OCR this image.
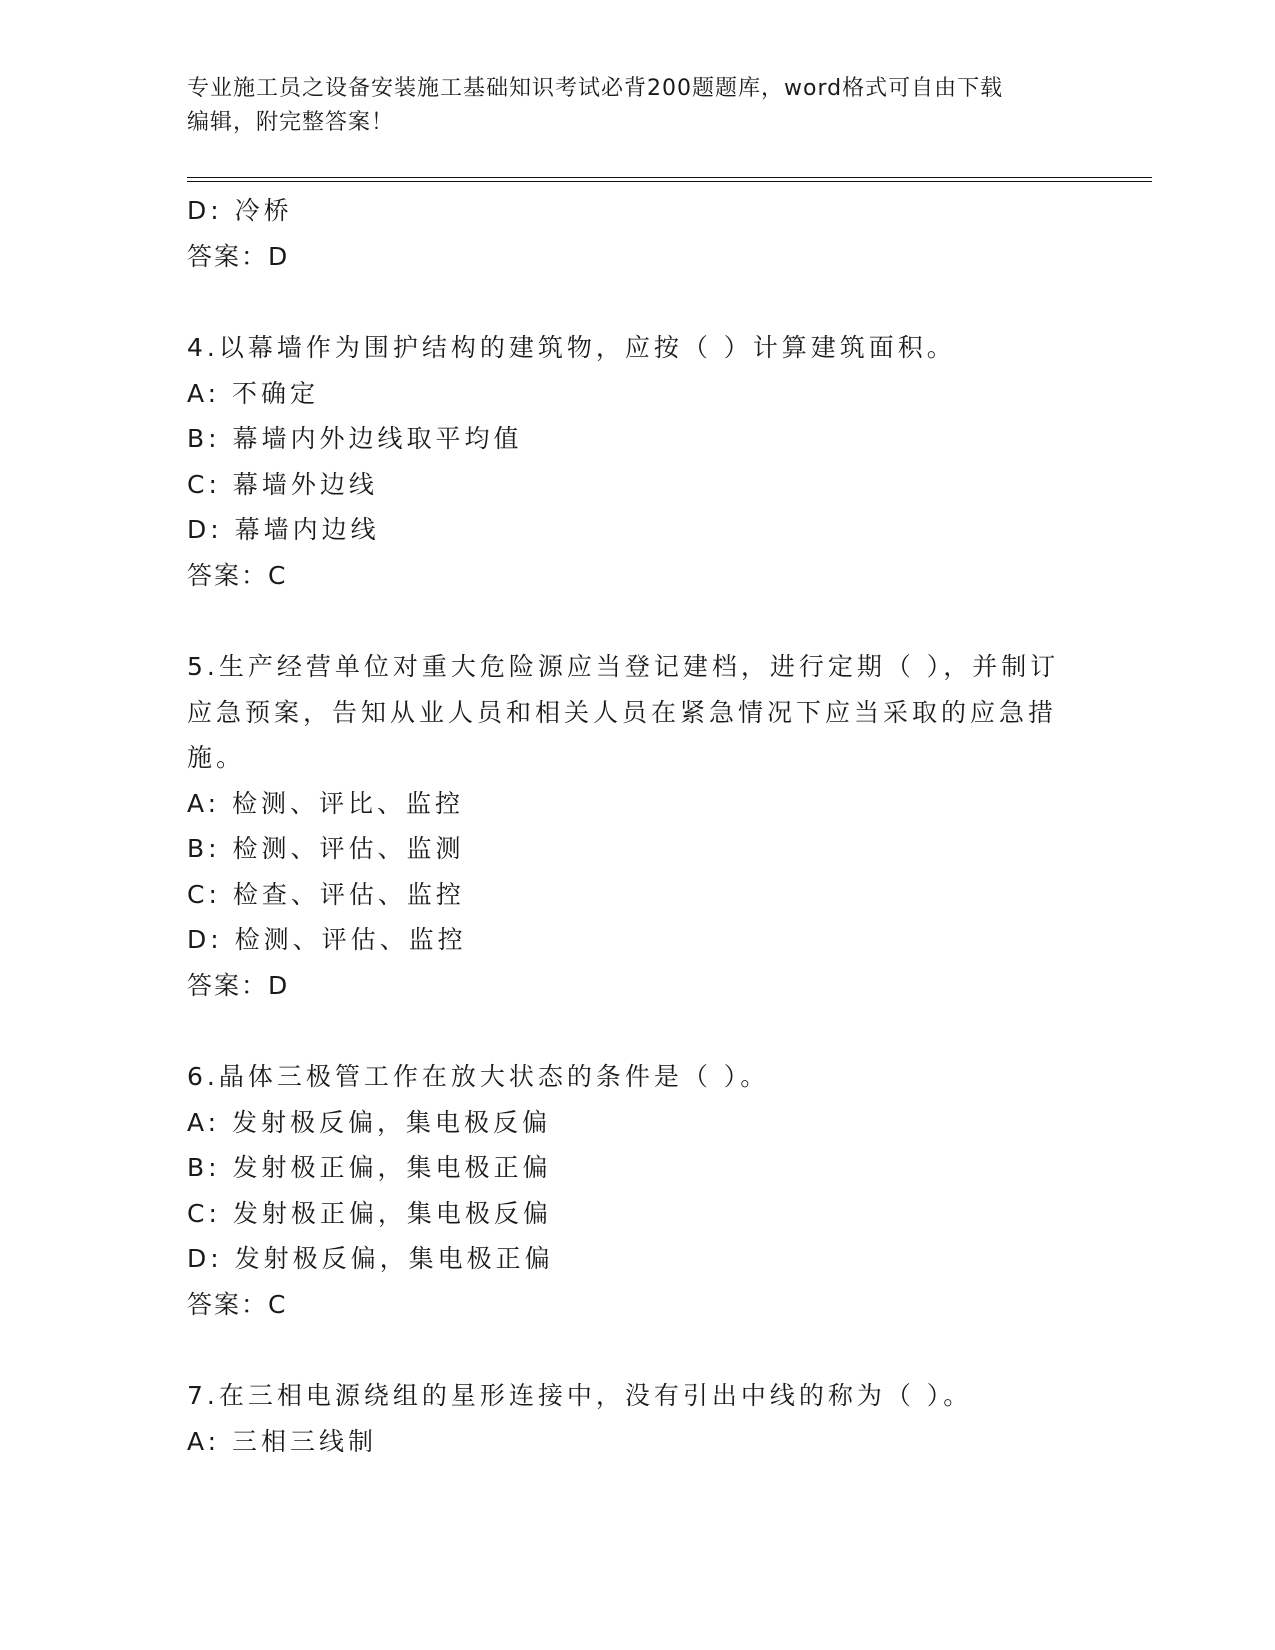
专业施工员之设备安装施工基础知识考试必背200题题库，word格式可自由下载
编辑，附完整答案！
D: 冷桥
答案：D
4.以幕墙作为围护结构的建筑物，应按（ ）计算建筑面积。
A: 不确定
B: 幕墙内外边线取平均值
C: 幕墙外边线
D: 幕墙内边线
答案：C
5.生产经营单位对重大危险源应当登记建档，进行定期（ ），并制订
应急预案，告知从业人员和相关人员在紧急情况下应当采取的应急措
施。
A: 检测、评比、监控
B: 检测、评估、监测
C: 检查、评估、监控
D: 检测、评估、监控
答案：D
6.晶体三极管工作在放大状态的条件是（ ）。
A: 发射极反偏，集电极反偏
B: 发射极正偏，集电极正偏
C: 发射极正偏，集电极反偏
D: 发射极反偏，集电极正偏
答案：C
7.在三相电源绕组的星形连接中，没有引出中线的称为（ ）。
A: 三相三线制
